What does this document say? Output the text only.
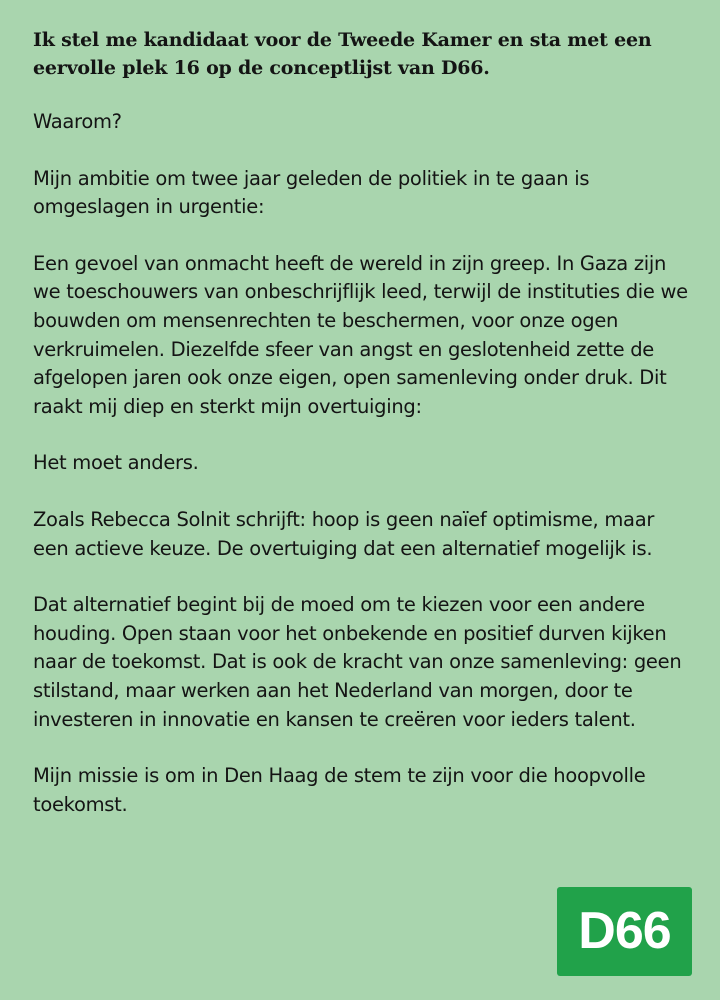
Ik stel me kandidaat voor de Tweede Kamer en sta met een eervolle plek 16 op de conceptlijst van D66.

Waarom?

Mijn ambitie om twee jaar geleden de politiek in te gaan is omgeslagen in urgentie:

Een gevoel van onmacht heeft de wereld in zijn greep. In Gaza zijn we toeschouwers van onbeschrijflijk leed, terwijl de instituties die we bouwden om mensenrechten te beschermen, voor onze ogen verkruimelen. Diezelfde sfeer van angst en geslotenheid zette de afgelopen jaren ook onze eigen, open samenleving onder druk. Dit raakt mij diep en sterkt mijn overtuiging:

Het moet anders.

Zoals Rebecca Solnit schrijft: hoop is geen naïef optimisme, maar een actieve keuze. De overtuiging dat een alternatief mogelijk is.

Dat alternatief begint bij de moed om te kiezen voor een andere houding. Open staan voor het onbekende en positief durven kijken naar de toekomst. Dat is ook de kracht van onze samenleving: geen stilstand, maar werken aan het Nederland van morgen, door te investeren in innovatie en kansen te creëren voor ieders talent.

Mijn missie is om in Den Haag de stem te zijn voor die hoopvolle toekomst.

D66
